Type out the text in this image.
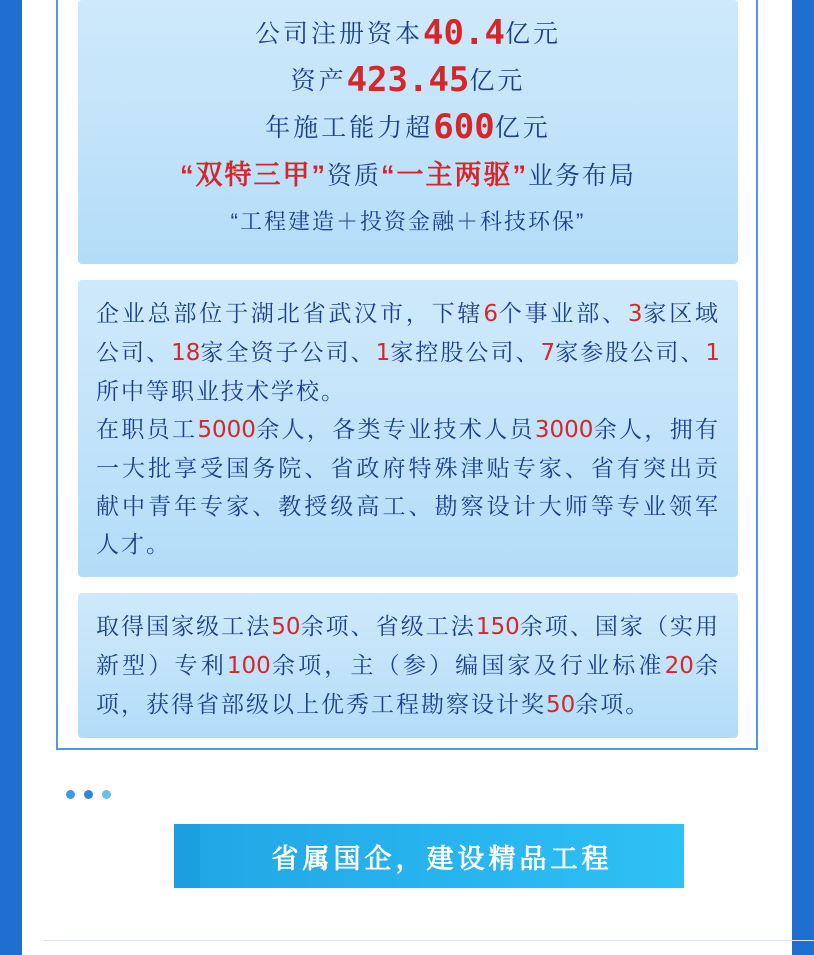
公司注册资本40.4亿元
资产423.45亿元
年施工能力超600亿元
“双特三甲”资质“一主两驱”业务布局
“工程建造＋投资金融＋科技环保”

企业总部位于湖北省武汉市，下辖6个事业部、3家区域公司、18家全资子公司、1家控股公司、7家参股公司、1所中等职业技术学校。

在职员工5000余人，各类专业技术人员3000余人，拥有一大批享受国务院、省政府特殊津贴专家、省有突出贡献中青年专家、教授级高工、勘察设计大师等专业领军人才。

取得国家级工法50余项、省级工法150余项、国家（实用新型）专利100余项，主（参）编国家及行业标准20余项，获得省部级以上优秀工程勘察设计奖50余项。

省属国企，建设精品工程
